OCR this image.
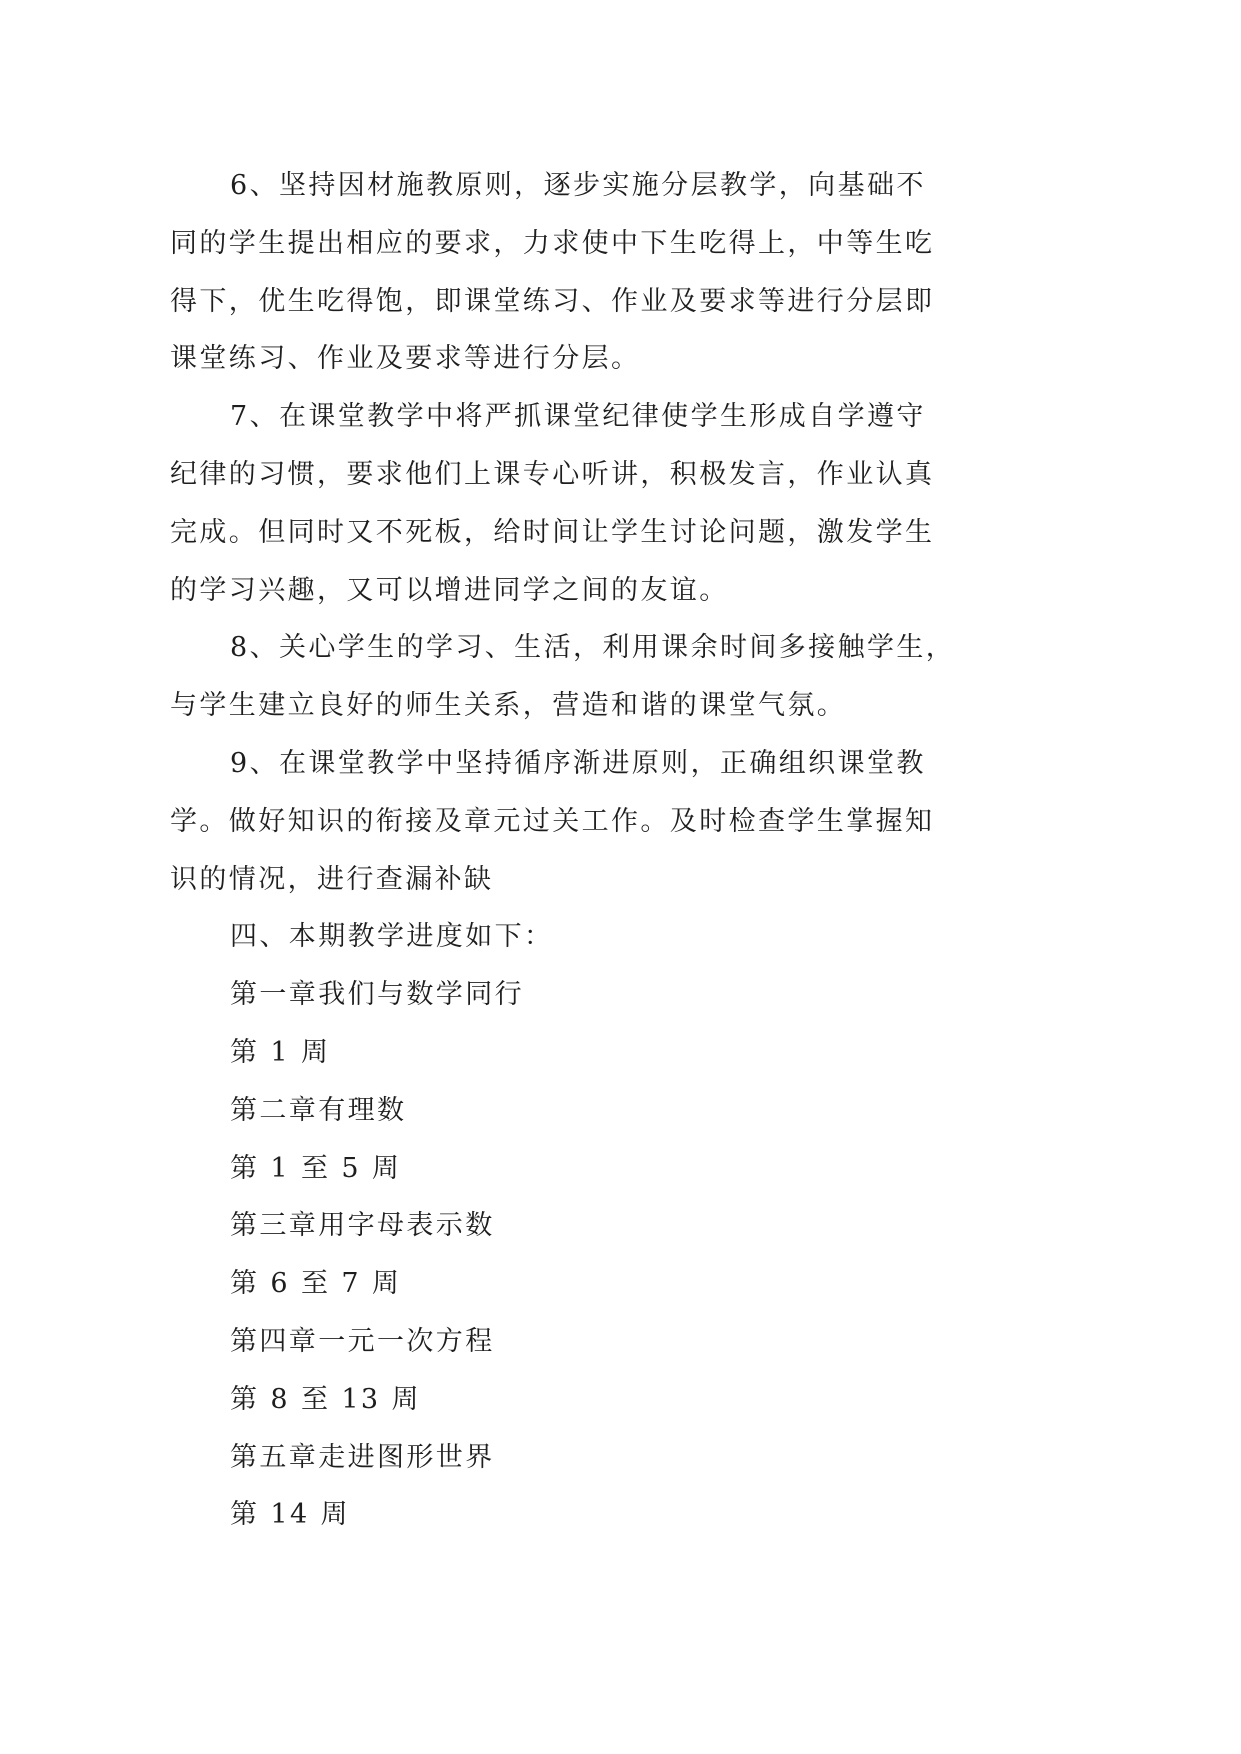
6、坚持因材施教原则，逐步实施分层教学，向基础不
同的学生提出相应的要求，力求使中下生吃得上，中等生吃
得下，优生吃得饱，即课堂练习、作业及要求等进行分层即
课堂练习、作业及要求等进行分层。
7、在课堂教学中将严抓课堂纪律使学生形成自学遵守
纪律的习惯，要求他们上课专心听讲，积极发言，作业认真
完成。但同时又不死板，给时间让学生讨论问题，激发学生
的学习兴趣，又可以增进同学之间的友谊。
8、关心学生的学习、生活，利用课余时间多接触学生，
与学生建立良好的师生关系，营造和谐的课堂气氛。
9、在课堂教学中坚持循序渐进原则，正确组织课堂教
学。做好知识的衔接及章元过关工作。及时检查学生掌握知
识的情况，进行查漏补缺
四、本期教学进度如下：
第一章我们与数学同行
第 1 周
第二章有理数
第 1 至 5 周
第三章用字母表示数
第 6 至 7 周
第四章一元一次方程
第 8 至 13 周
第五章走进图形世界
第 14 周
